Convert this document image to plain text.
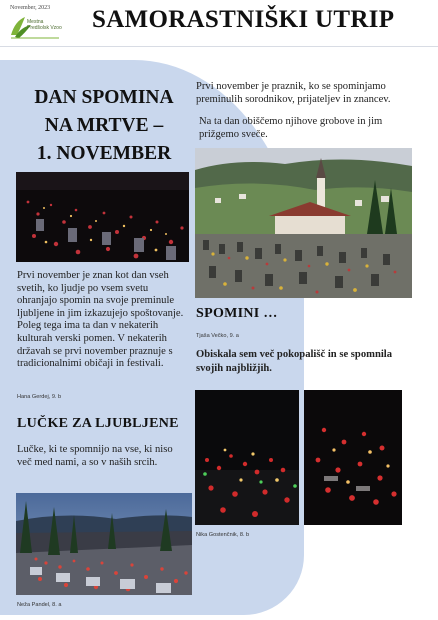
November, 2023
Mestna
Predšolsk Vzoo SAMORASTNIŠKI UTRIP
DAN SPOMINA
NA MRTVE –
1. NOVEMBER
Prvi november je znan kot dan vseh svetih, ko ljudje po vsem svetu ohranjajo spomin na svoje preminule ljubljene in jim izkazujejo spoštovanje. Poleg tega ima ta dan v nekaterih kulturah verski pomen. V nekaterih državah se prvi november praznuje s tradicionalnimi običaji in festivali.
Hana Gerdej, 9. b
LUČKE ZA LJUBLJENE
Lučke, ki te spomnijo na vse, ki niso več med nami, a so v naših srcih.
Neža Pandel, 8. a
Prvi november je praznik, ko se spominjamo preminulih sorodnikov, prijateljev in znancev.
Na ta dan obiščemo njihove grobove in jim prižgemo sveče.
SPOMINI …
Tjaša Večko, 9. a
Obiskala sem več pokopališč in se spomnila svojih najbližjih.
Nika Gostenčnik, 8. b
